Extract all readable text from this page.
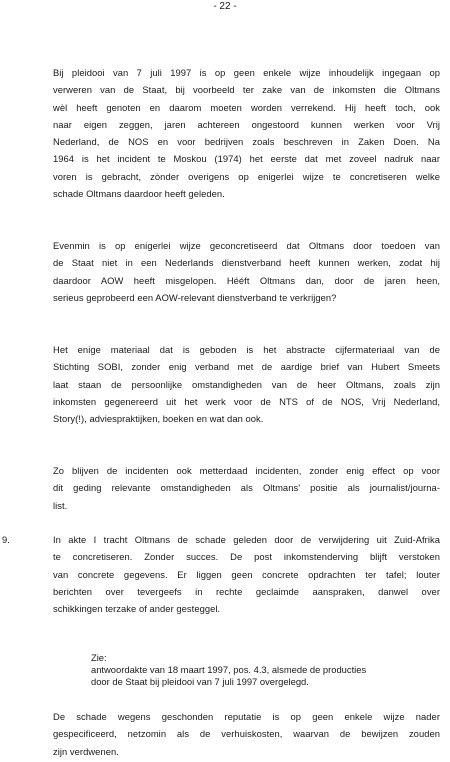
- 22 -

Bij pleidooi van 7 juli 1997 is op geen enkele wijze inhoudelijk ingegaan op
verweren van de Staat, bij voorbeeld ter zake van de inkomsten die Oltmans
wèl heeft genoten en daarom moeten worden verrekend. Hij heeft toch, ook
naar eigen zeggen, jaren achtereen ongestoord kunnen werken voor Vrij
Nederland, de NOS en voor bedrijven zoals beschreven in Zaken Doen. Na
1964 is het incident te Moskou (1974) het eerste dat met zoveel nadruk naar
voren is gebracht, zònder overigens op enigerlei wijze te concretiseren welke
schade Oltmans daardoor heeft geleden.

Evenmin is op enigerlei wijze geconcretiseerd dat Oltmans door toedoen van
de Staat niet in een Nederlands dienstverband heeft kunnen werken, zodat hij
daardoor AOW heeft misgelopen. Hééft Oltmans dan, door de jaren heen,
serieus geprobeerd een AOW-relevant dienstverband te verkrijgen?

Het enige materiaal dat is geboden is het abstracte cijfermateriaal van de
Stichting SOBI, zonder enig verband met de aardige brief van Hubert Smeets
laat staan de persoonlijke omstandigheden van de heer Oltmans, zoals zijn
inkomsten gegenereerd uit het werk voor de NTS of de NOS, Vrij Nederland,
Story(!), adviespraktijken, boeken en wat dan ook.

Zo blijven de incidenten ook metterdaad incidenten, zonder enig effect op voor
dit geding relevante omstandigheden als Oltmans' positie als journalist/journa-
list.

9.	In akte I tracht Oltmans de schade geleden door de verwijdering uit Zuid-Afrika
te concretiseren. Zonder succes. De post inkomstenderving blijft verstoken
van concrete gegevens. Er liggen geen concrete opdrachten ter tafel; louter
berichten over tevergeefs in rechte geclaimde aanspraken, danwel over
schikkingen terzake of ander gesteggel.

Zie:
antwoordakte van 18 maart 1997, pos. 4.3, alsmede de producties
door de Staat bij pleidooi van 7 juli 1997 overgelegd.

De schade wegens geschonden reputatie is op geen enkele wijze nader
gespecificeerd, netzomin als de verhuiskosten, waarvan de bewijzen zouden
zijn verdwenen.
